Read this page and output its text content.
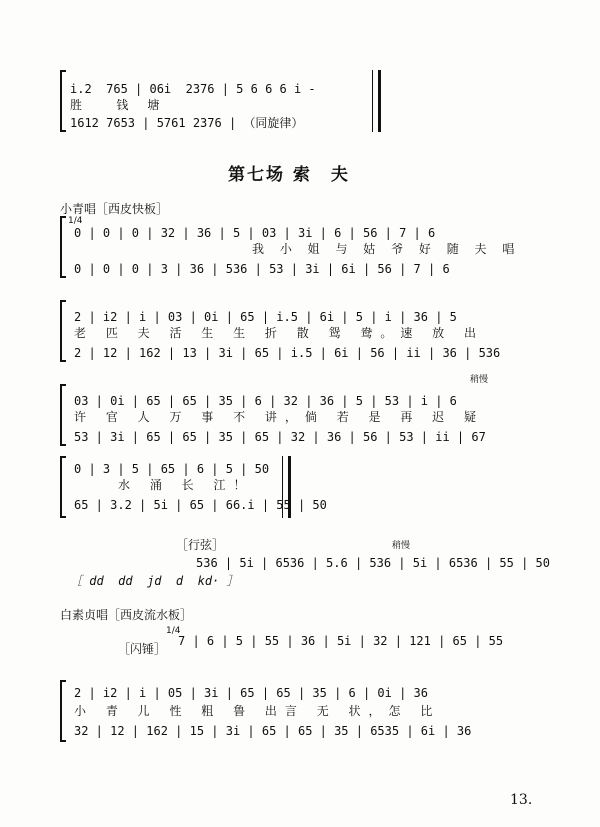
i.2  765 | 06i  2376 | 5 6 6 6 i -
胜         钱     塘
1612 7653 | 5761 2376 | （同旋律）
第七场 索　夫
小青唱［西皮快板］
1/4
0 | 0 | 0 | 32 | 36 | 5 | 03 | 3i | 6 | 56 | 7 | 6
我 小 姐 与 姑 爷 好 随 夫 唱
0 | 0 | 0 | 3 | 36 | 536 | 53 | 3i | 6i | 56 | 7 | 6
2 | i2 | i | 03 | 0i | 65 | i.5 | 6i | 5 | i | 36 | 5
老 匹 夫 活 生 生 折 散 鸳 鸯。速 放 出
2 | 12 | 162 | 13 | 3i | 65 | i.5 | 6i | 56 | ii | 36 | 536
稍慢
03 | 0i | 65 | 65 | 35 | 6 | 32 | 36 | 5 | 53 | i | 6
许 官 人 万 事 不 讲，倘 若 是 再 迟 疑
53 | 3i | 65 | 65 | 35 | 65 | 32 | 36 | 56 | 53 | ii | 67
0 | 3 | 5 | 65 | 6 | 5 | 50
水 涌 长 江！
65 | 3.2 | 5i | 65 | 66.i | 55 | 50
［行弦］	稍慢
536 | 5i | 6536 | 5.6 | 536 | 5i | 6536 | 55 | 50
［ dd  dd  jd  d  kd· ］
白素贞唱［西皮流水板］
［闪锤］
1/4
7 | 6 | 5 | 55 | 36 | 5i | 32 | 121 | 65 | 55
2 | i2 | i | 05 | 3i | 65 | 65 | 35 | 6 | 0i | 36
小 青 儿 性 粗 鲁 出言 无 状，怎 比
32 | 12 | 162 | 15 | 3i | 65 | 65 | 35 | 6535 | 6i | 36
13.
